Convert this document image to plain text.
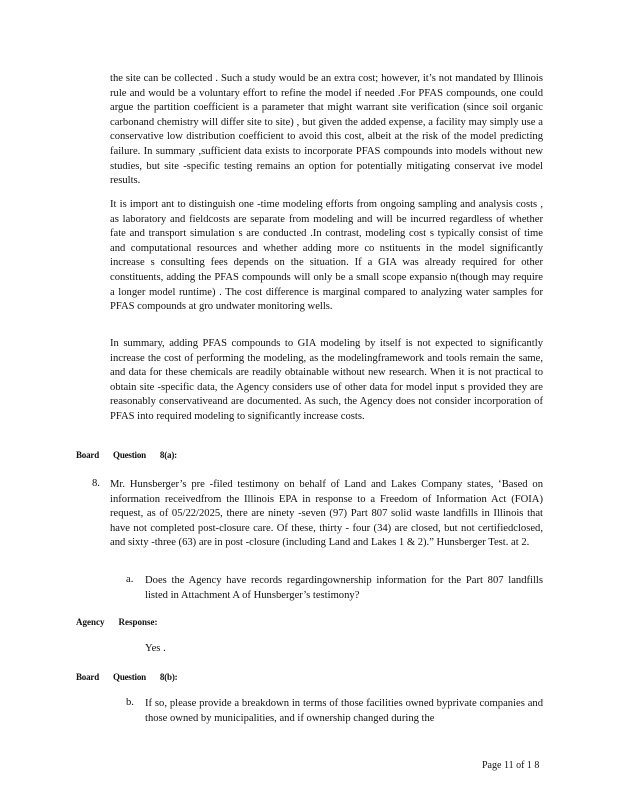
the site can be collected . Such a study would be an extra cost; however, it’s not mandated by Illinois rule and would be a voluntary effort to refine the model if needed .For PFAS compounds, one could argue the partition coefficient is a parameter that might warrant site verification (since soil organic carbonand chemistry will differ site to site) , but given the added expense, a facility may simply use a conservative low distribution coefficient to avoid this cost, albeit at the risk of the model predicting failure. In summary ,sufficient data exists to incorporate PFAS compounds into models without new studies, but site -specific testing remains an option for potentially mitigating conservat ive model results.

It is import ant to distinguish one -time modeling efforts from ongoing sampling and analysis costs , as laboratory and fieldcosts are separate from modeling and will be incurred regardless of whether fate and transport simulation s are conducted .In contrast, modeling cost s typically consist of time and computational resources and whether adding more co nstituents in the model significantly increase s consulting fees depends on the situation. If a GIA was already required for other constituents, adding the PFAS compounds will only be a small scope expansio n(though may require a longer model runtime) . The cost difference is marginal compared to analyzing water samples for PFAS compounds at gro undwater monitoring wells.

In summary, adding PFAS compounds to GIA modeling by itself is not expected to significantly increase the cost of performing the modeling, as the modelingframework and tools remain the same, and data for these chemicals are readily obtainable without new research. When it is not practical to obtain site -specific data, the Agency considers use of other data for model input s provided they are reasonably conservativeand are documented. As such, the Agency does not consider incorporation of PFAS into required modeling to significantly increase costs.

Board Question 8(a):
8. Mr. Hunsberger’s pre -filed testimony on behalf of Land and Lakes Company states, ‘Based on information receivedfrom the Illinois EPA in response to a Freedom of Information Act (FOIA) request, as of 05/22/2025, there are ninety -seven (97) Part 807 solid waste landfills in Illinois that have not completed post-closure care. Of these, thirty - four (34) are closed, but not certifiedclosed, and sixty -three (63) are in post -closure (including Land and Lakes 1 & 2).” Hunsberger Test. at 2.

a. Does the Agency have records regardingownership information for the Part 807 landfills listed in Attachment A of Hunsberger’s testimony?

Agency Response:
Yes .
Board Question 8(b):
b. If so, please provide a breakdown in terms of those facilities owned byprivate companies and those owned by municipalities, and if ownership changed during the

Page 11 of 1 8
